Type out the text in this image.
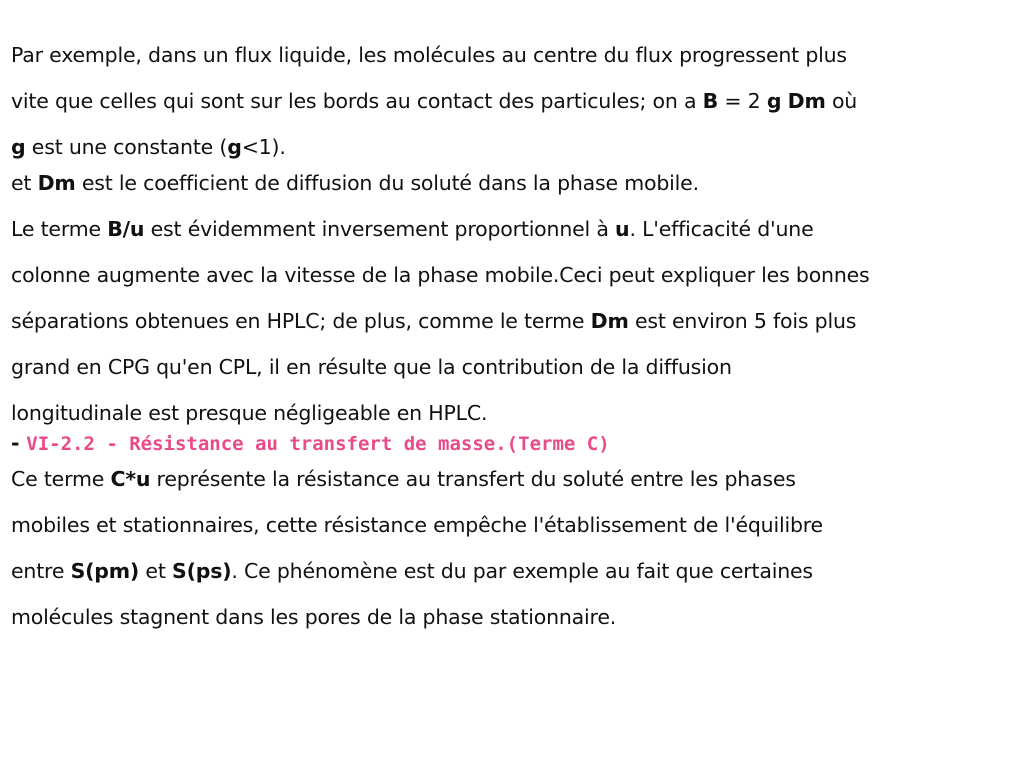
Par exemple, dans un flux liquide, les molécules au centre du flux progressent plus
vite que celles qui sont sur les bords au contact des particules; on a B = 2 g Dm où
g est une constante (g<1).
et Dm est le coefficient de diffusion du soluté dans la phase mobile.
Le terme B/u est évidemment inversement proportionnel à u. L'efficacité d'une
colonne augmente avec la vitesse de la phase mobile.Ceci peut expliquer les bonnes
séparations obtenues en HPLC; de plus, comme le terme Dm est environ 5 fois plus
grand en CPG qu'en CPL, il en résulte que la contribution de la diffusion
longitudinale est presque négligeable en HPLC.
- VI-2.2 - Résistance au transfert de masse.(Terme C)
Ce terme C*u représente la résistance au transfert du soluté entre les phases
mobiles et stationnaires, cette résistance empêche l'établissement de l'équilibre
entre S(pm) et S(ps). Ce phénomène est du par exemple au fait que certaines
molécules stagnent dans les pores de la phase stationnaire.
